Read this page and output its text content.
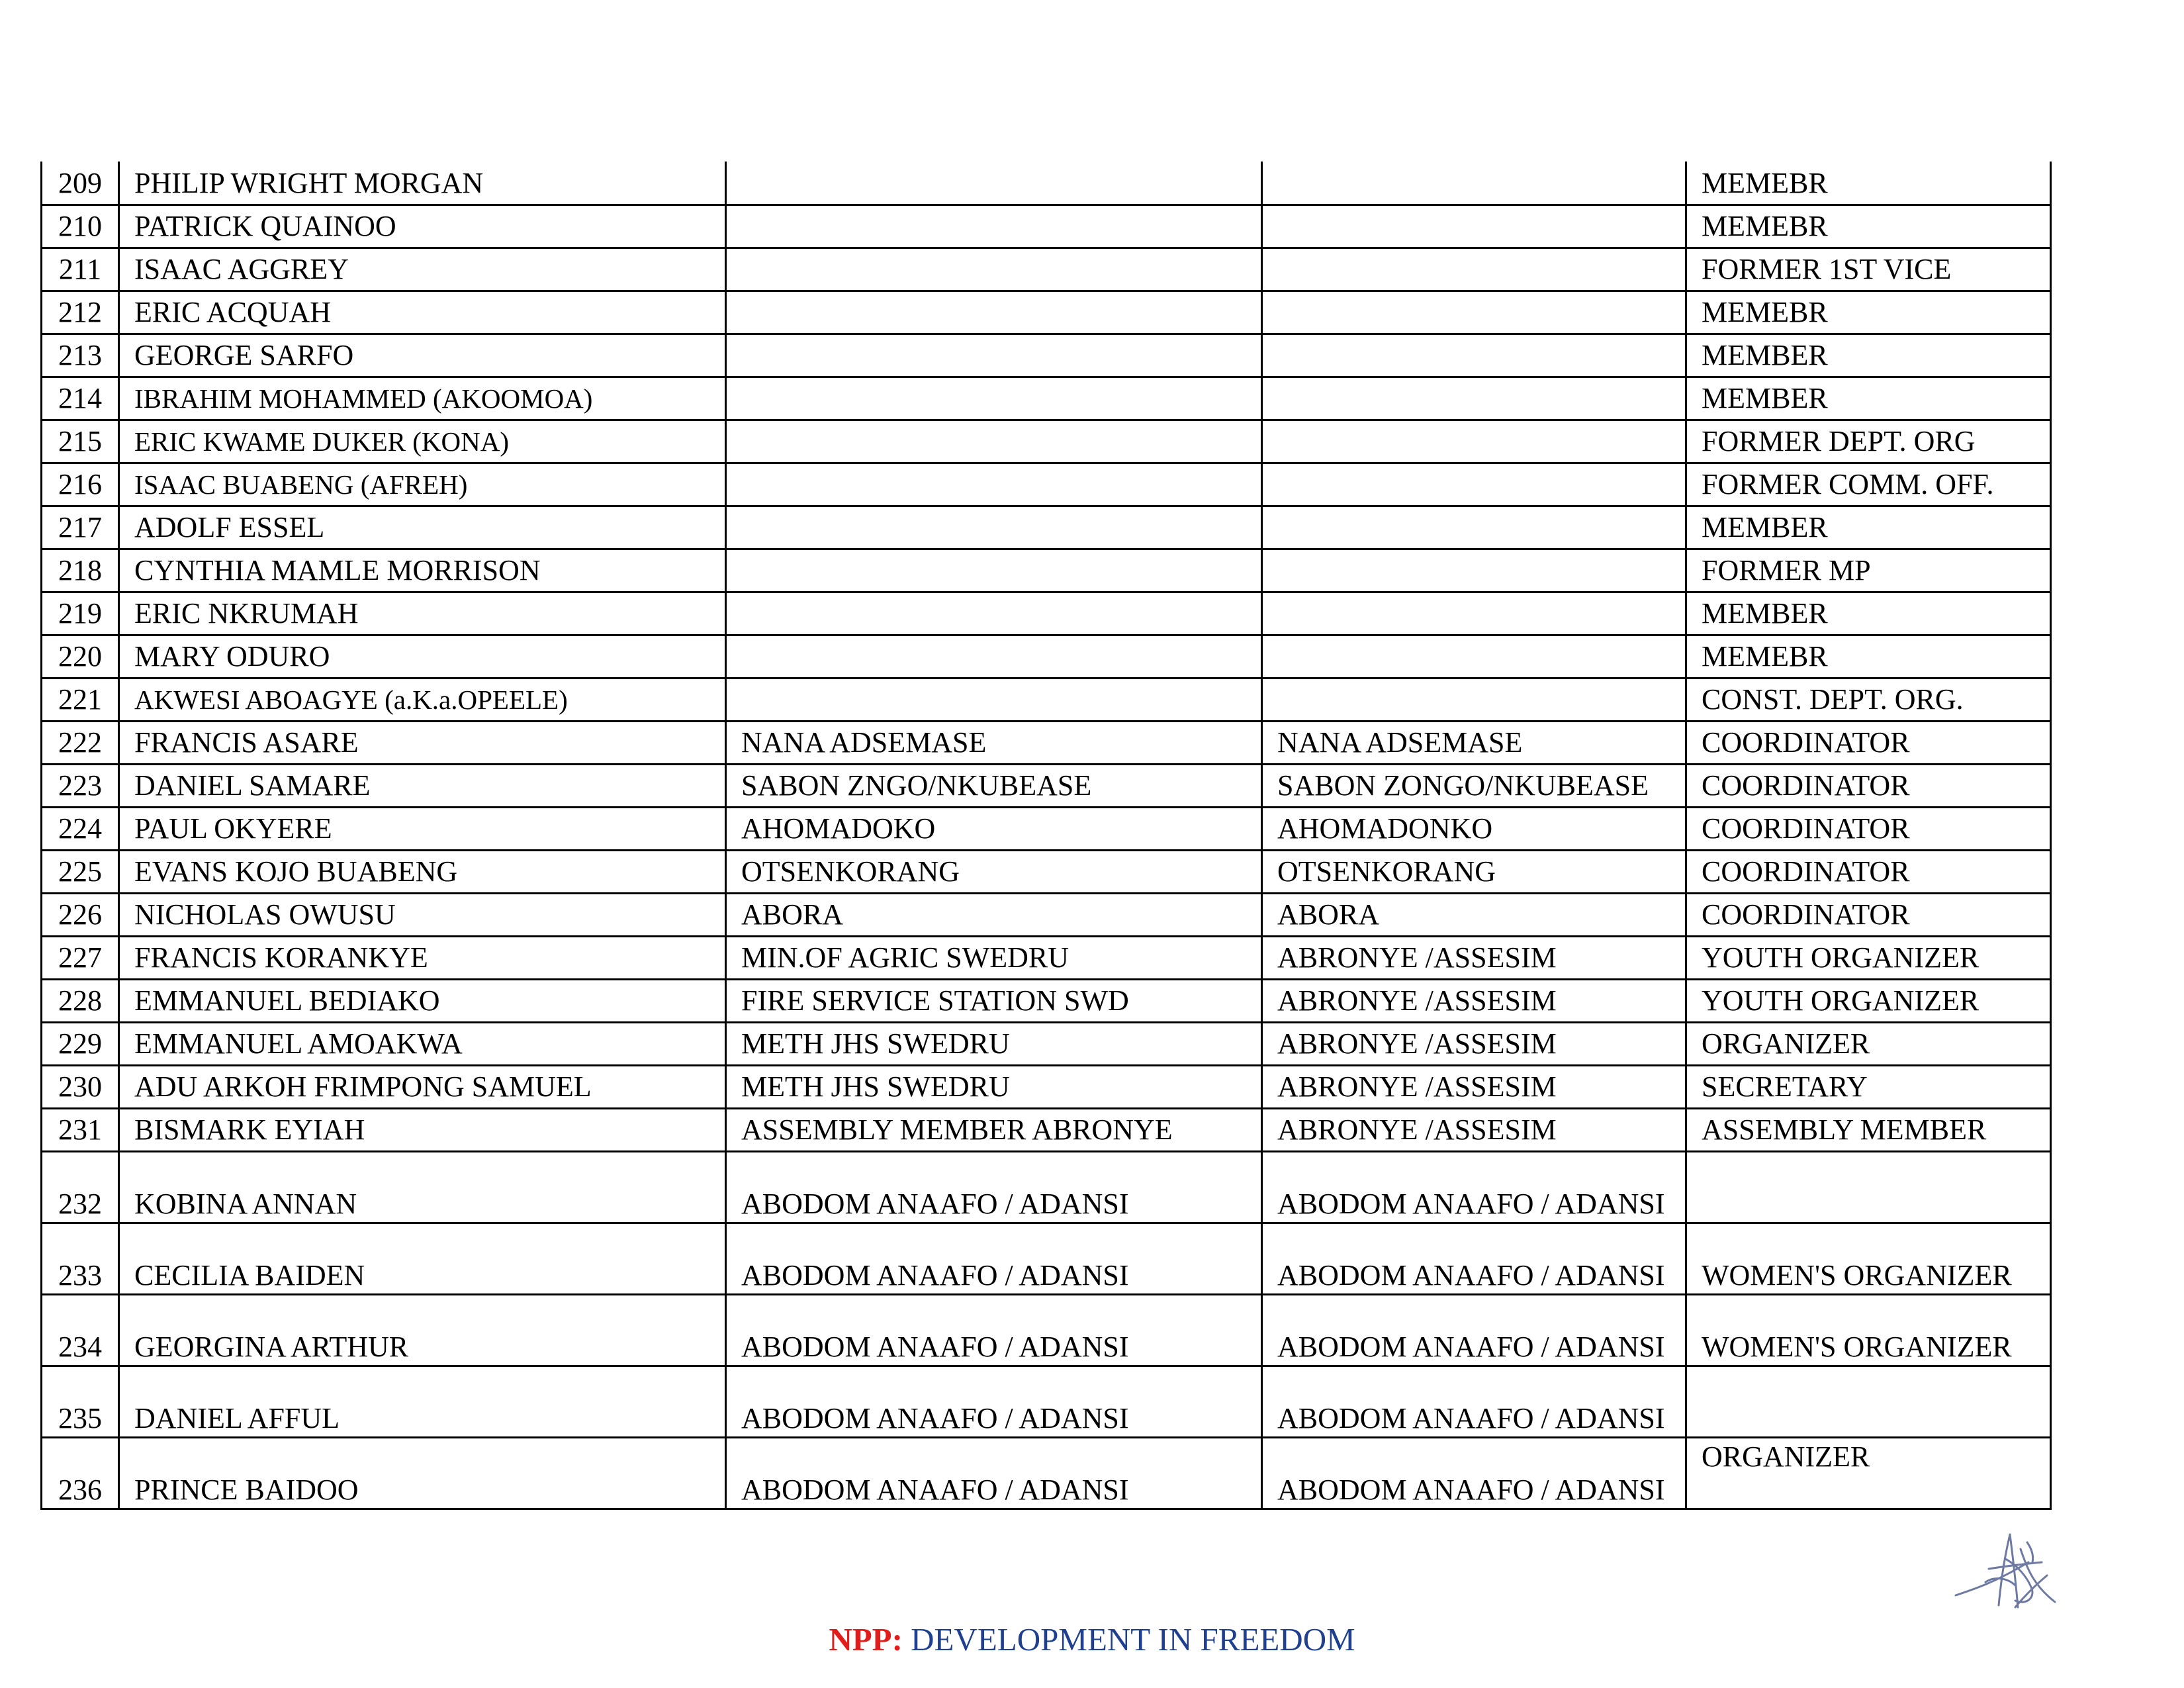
209	PHILIP WRIGHT MORGAN			MEMEBR
210	PATRICK QUAINOO			MEMEBR
211	ISAAC AGGREY			FORMER 1ST VICE
212	ERIC ACQUAH			MEMEBR
213	GEORGE SARFO			MEMBER
214	IBRAHIM MOHAMMED (AKOOMOA)			MEMBER
215	ERIC KWAME DUKER (KONA)			FORMER DEPT. ORG
216	ISAAC BUABENG (AFREH)			FORMER COMM. OFF.
217	ADOLF ESSEL			MEMBER
218	CYNTHIA MAMLE MORRISON			FORMER MP
219	ERIC NKRUMAH			MEMBER
220	MARY ODURO			MEMEBR
221	AKWESI ABOAGYE (a.K.a.OPEELE)			CONST. DEPT. ORG.
222	FRANCIS ASARE	NANA ADSEMASE	NANA ADSEMASE	COORDINATOR
223	DANIEL SAMARE	SABON ZNGO/NKUBEASE	SABON ZONGO/NKUBEASE	COORDINATOR
224	PAUL OKYERE	AHOMADOKO	AHOMADONKO	COORDINATOR
225	EVANS KOJO BUABENG	OTSENKORANG	OTSENKORANG	COORDINATOR
226	NICHOLAS OWUSU	ABORA	ABORA	COORDINATOR
227	FRANCIS KORANKYE	MIN.OF AGRIC SWEDRU	ABRONYE /ASSESIM	YOUTH ORGANIZER
228	EMMANUEL BEDIAKO	FIRE SERVICE STATION SWD	ABRONYE /ASSESIM	YOUTH ORGANIZER
229	EMMANUEL AMOAKWA	METH JHS SWEDRU	ABRONYE /ASSESIM	ORGANIZER
230	ADU ARKOH FRIMPONG SAMUEL	METH JHS SWEDRU	ABRONYE /ASSESIM	SECRETARY
231	BISMARK EYIAH	ASSEMBLY MEMBER ABRONYE	ABRONYE /ASSESIM	ASSEMBLY MEMBER
232	KOBINA ANNAN	ABODOM ANAAFO / ADANSI	ABODOM ANAAFO / ADANSI	

233	CECILIA BAIDEN	ABODOM ANAAFO / ADANSI	ABODOM ANAAFO / ADANSI	WOMEN'S ORGANIZER
234	GEORGINA ARTHUR	ABODOM ANAAFO / ADANSI	ABODOM ANAAFO / ADANSI	WOMEN'S ORGANIZER
235	DANIEL AFFUL	ABODOM ANAAFO / ADANSI	ABODOM ANAAFO / ADANSI	

236	PRINCE BAIDOO	ABODOM ANAAFO / ADANSI	ABODOM ANAAFO / ADANSI	ORGANIZER
NPP: DEVELOPMENT IN FREEDOM
